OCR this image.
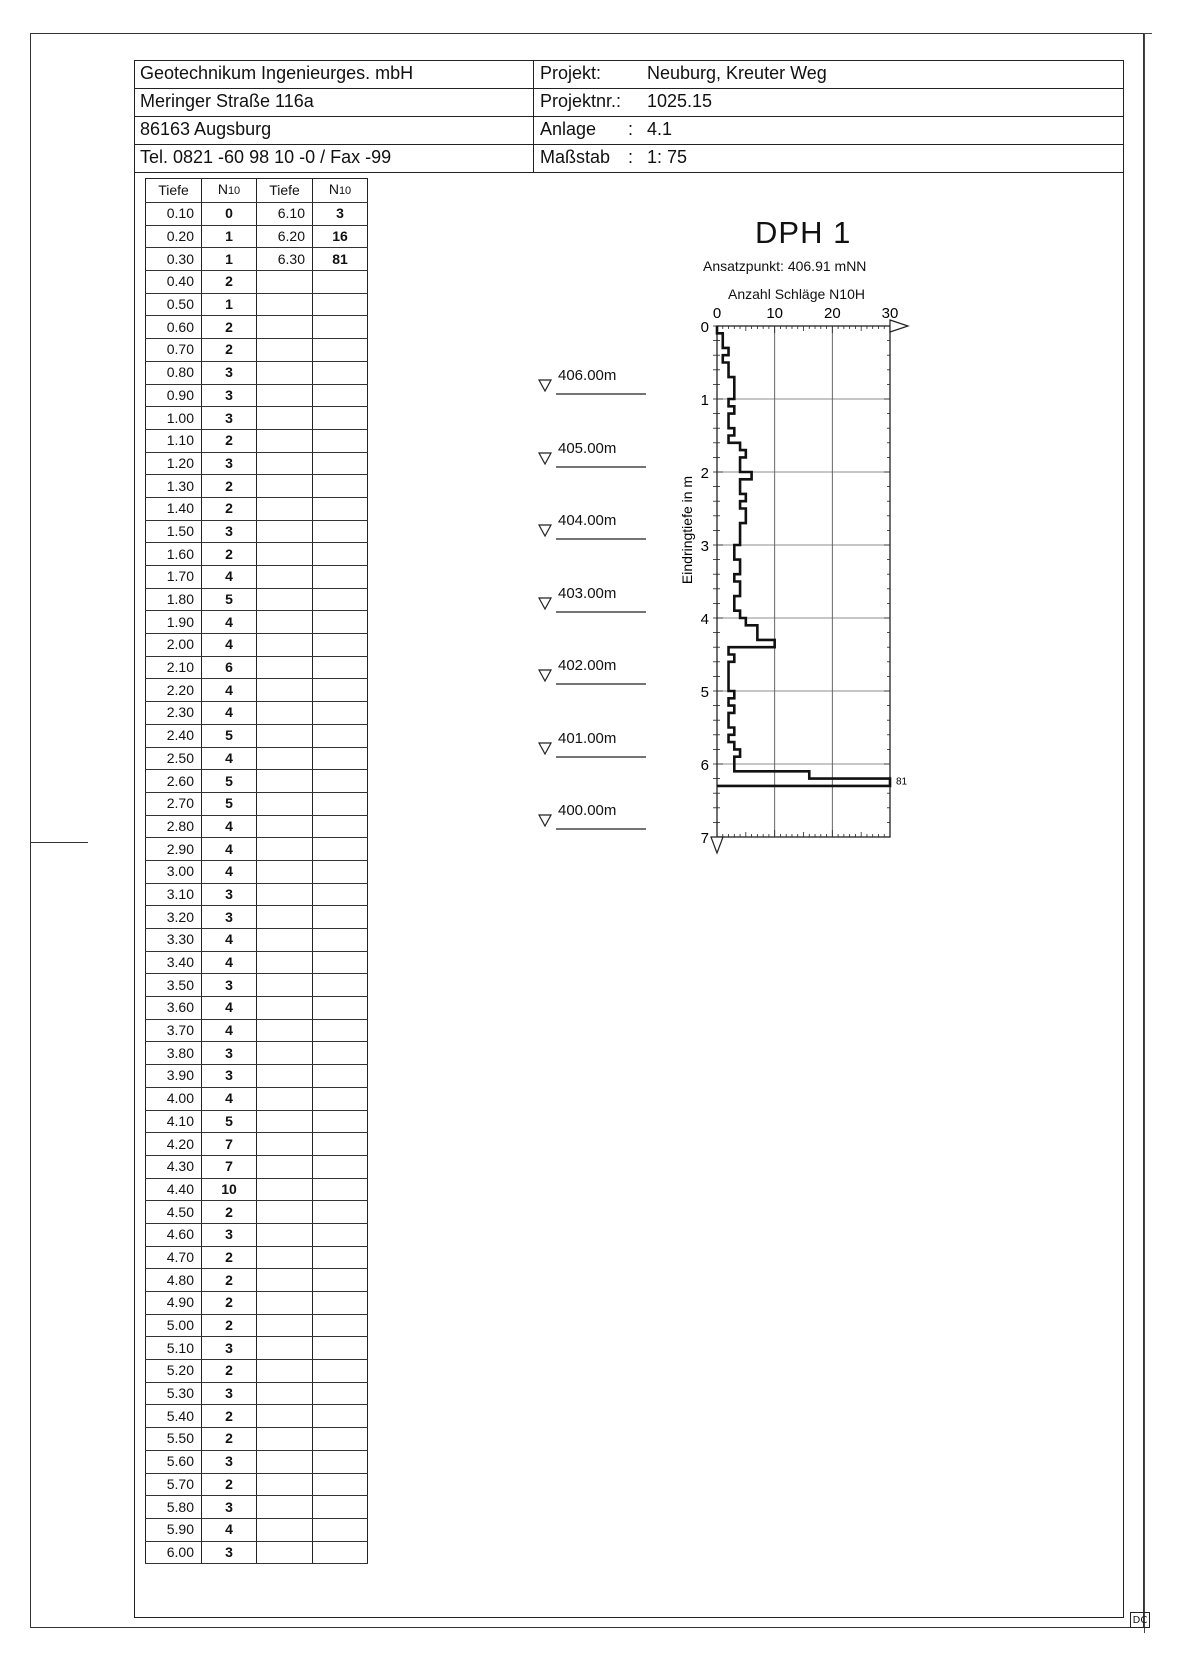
DC
Geotechnikum Ingenieurges. mbH
Meringer Straße 116a
86163 Augsburg
Tel. 0821 -60 98 10 -0 / Fax -99
Projekt:	Neuburg, Kreuter Weg
Projektnr.: 1025.15
Anlage : 4.1
Maßstab : 1: 75
Tiefe	N10
0.10	0
0.20	1
0.30	1
0.40	2
0.50	1
0.60	2
0.70	2
0.80	3
0.90	3
1.00	3
1.10	2
1.20	3
1.30	2
1.40	2
1.50	3
1.60	2
1.70	4
1.80	5
1.90	4
2.00	4
2.10	6
2.20	4
2.30	4
2.40	5
2.50	4
2.60	5
2.70	5
2.80	4
2.90	4
3.00	4
3.10	3
3.20	3
3.30	4
3.40	4
3.50	3
3.60	4
3.70	4
3.80	3
3.90	3
4.00	4
4.10	5
4.20	7
4.30	7
4.40	10
4.50	2
4.60	3
4.70	2
4.80	2
4.90	2
5.00	2
5.10	3
5.20	2
5.30	3
5.40	2
5.50	2
5.60	3
5.70	2
5.80	3
5.90	4
6.00	3
Tiefe	N10
6.10	3
6.20	16
6.30	81

406.00m
405.00m
404.00m
403.00m
402.00m
401.00m
400.00m
DPH 1
Ansatzpunkt: 406.91 mNN
Anzahl Schläge N10H
0	10	20	30
0
1
2
3
4
5
6
7
81
Eindringtiefe in m
